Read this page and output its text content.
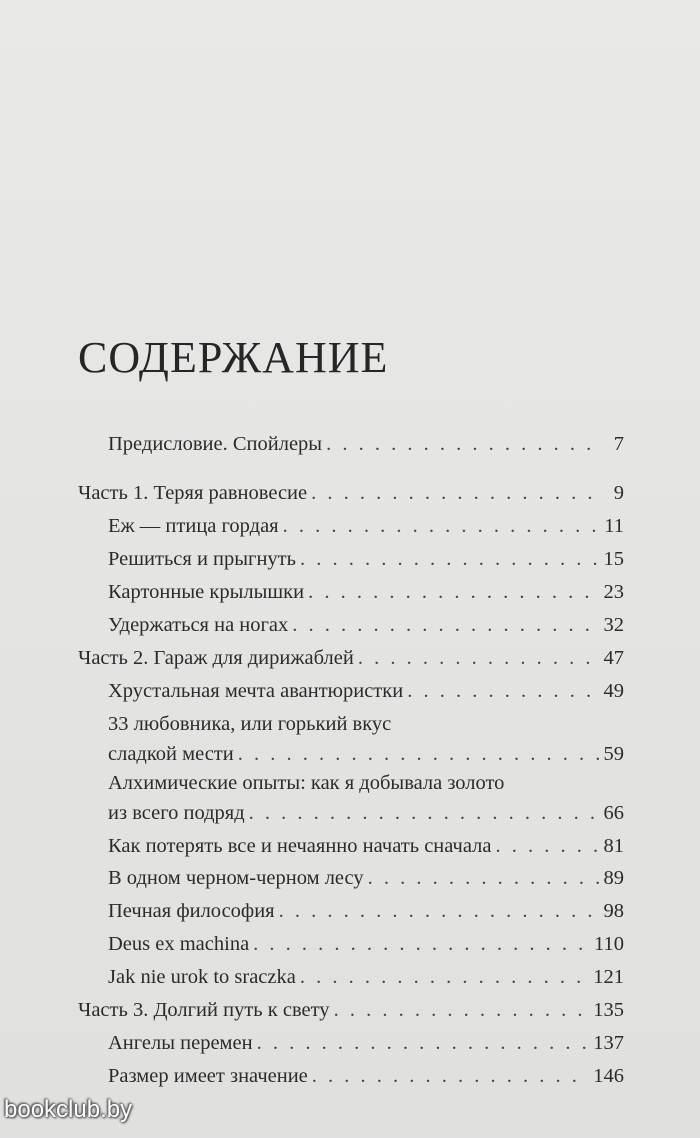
СОДЕРЖАНИЕ
Предисловие. Спойлеры . . .	7
Часть 1. Теряя равновесие . . .	9
Еж — птица гордая . . .	11
Решиться и прыгнуть . . .	15
Картонные крылышки . . .	23
Удержаться на ногах . . .	32
Часть 2. Гараж для дирижаблей . . .	47
Хрустальная мечта авантюристки . . .	49
33 любовника, или горький вкус
сладкой мести . . .	59
Алхимические опыты: как я добывала золото
из всего подряд . . .	66
Как потерять все и нечаянно начать сначала . . .	81
В одном черном-черном лесу . . .	89
Печная философия . . .	98
Deus ex machina . . .	110
Jak nie urok to sraczka . . .	121
Часть 3. Долгий путь к свету . . .	135
Ангелы перемен . . .	137
Размер имеет значение . . .	146
bookclub.by
